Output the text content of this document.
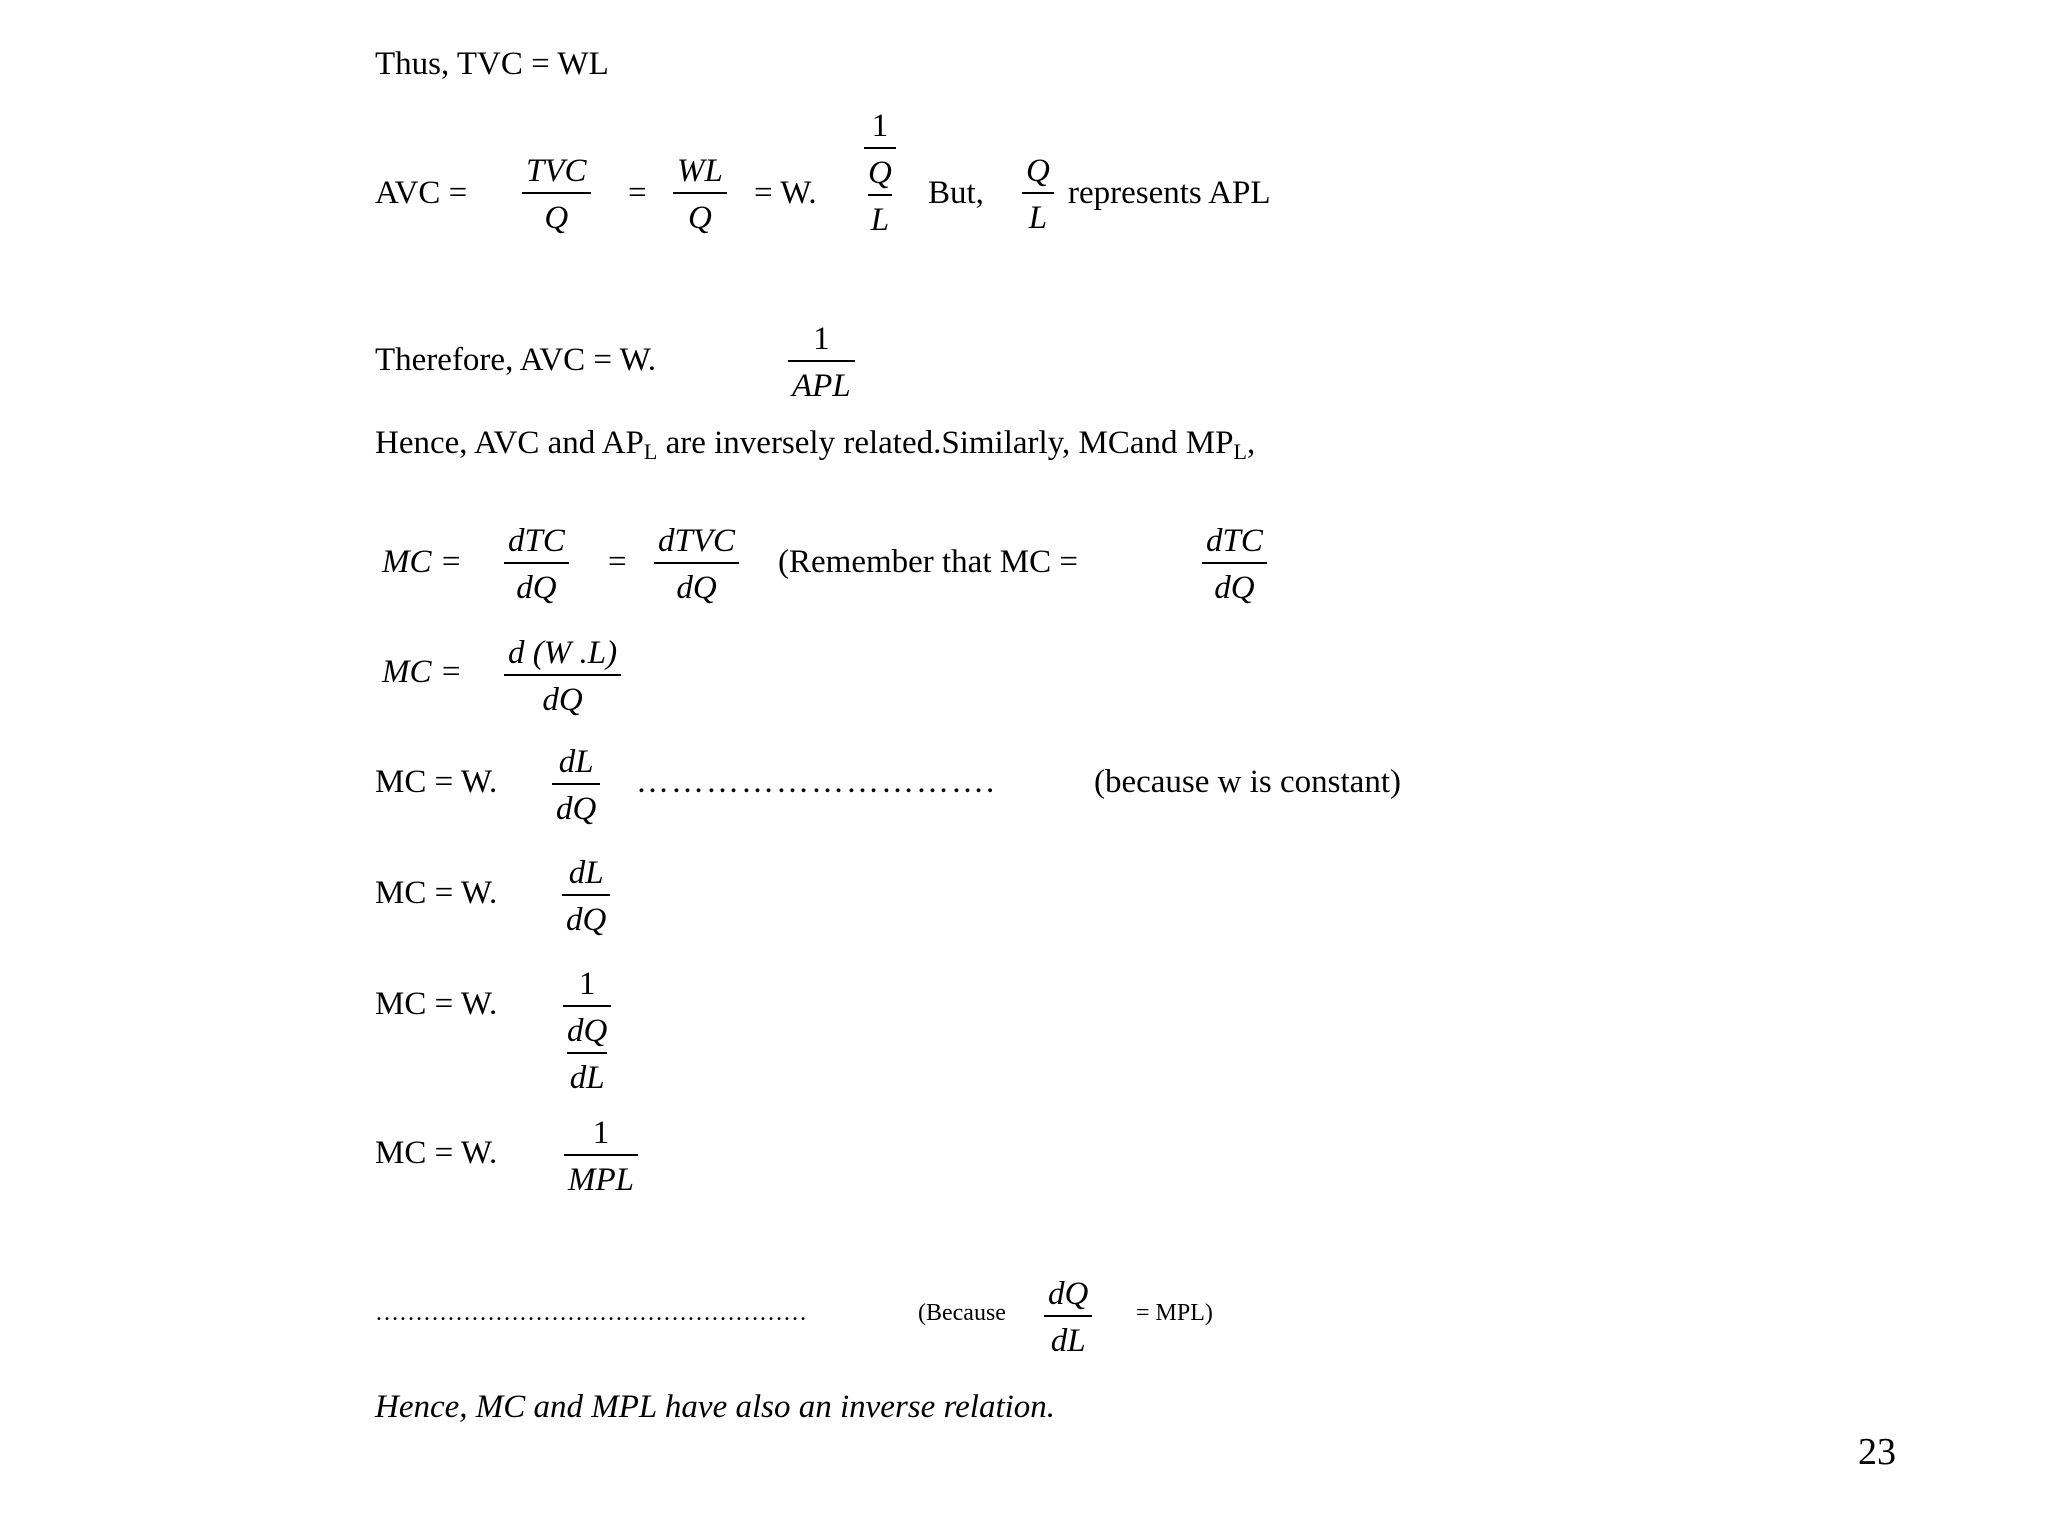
Thus, TVC = WL
AVC =
TVC
Q
=
WL
Q
= W.
1
Q
L
But,
Q
L
represents APL
Therefore, AVC = W.
1
APL
Hence, AVC and $AP_L$ are inversely related.Similarly, MCand $MP_L$,
MC =
dTC
dQ
=
dTVC
dQ
(Remember that MC =
dTC
dQ
MC =
d (W .L)
dQ
MC = W.
dL
dQ
………………………….	(because w is constant)
MC = W.
dL
dQ
MC = W.
1
dQ
dL
MC = W.
1
MPL
………………………………………………	(Because
dQ
dL
= MPL)
Hence, MC and MPL have also an inverse relation.
23
